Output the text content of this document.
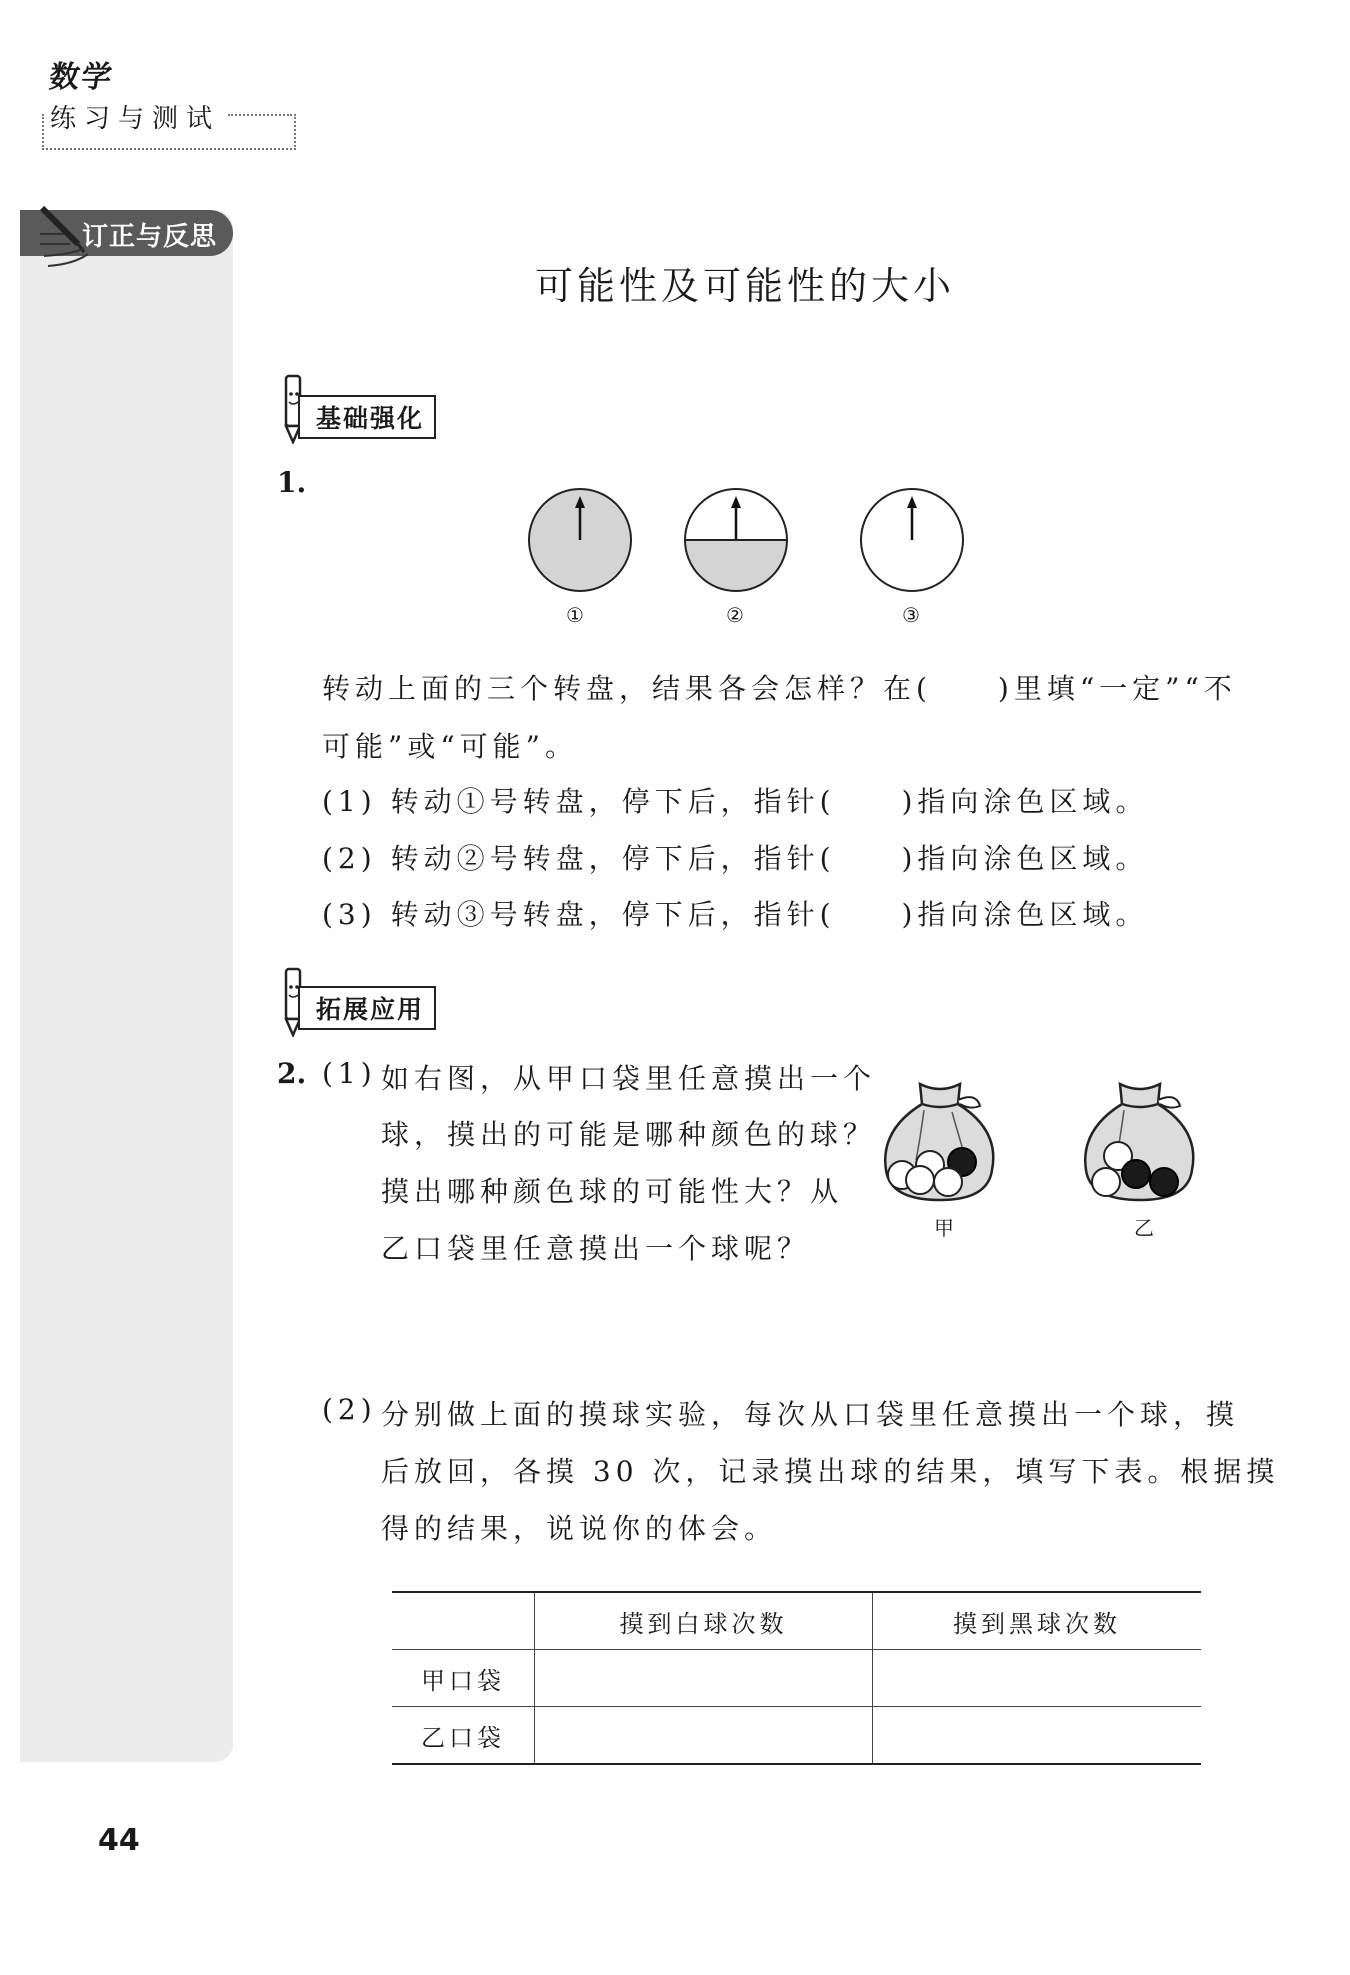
数学
练习与测试
订正与反思
可能性及可能性的大小
基础强化
1.
①	②	③
转动上面的三个转盘，结果各会怎样？在(　　)里填“一定”“不
可能”或“可能”。
(1) 转动①号转盘，停下后，指针(　　)指向涂色区域。
(2) 转动②号转盘，停下后，指针(　　)指向涂色区域。
(3) 转动③号转盘，停下后，指针(　　)指向涂色区域。
拓展应用
2. (1) 如右图，从甲口袋里任意摸出一个
球，摸出的可能是哪种颜色的球？
摸出哪种颜色球的可能性大？从
乙口袋里任意摸出一个球呢？
甲	乙
(2) 分别做上面的摸球实验，每次从口袋里任意摸出一个球，摸
后放回，各摸 30 次，记录摸出球的结果，填写下表。根据摸
得的结果，说说你的体会。
	摸到白球次数	摸到黑球次数
甲口袋		
乙口袋		
44
